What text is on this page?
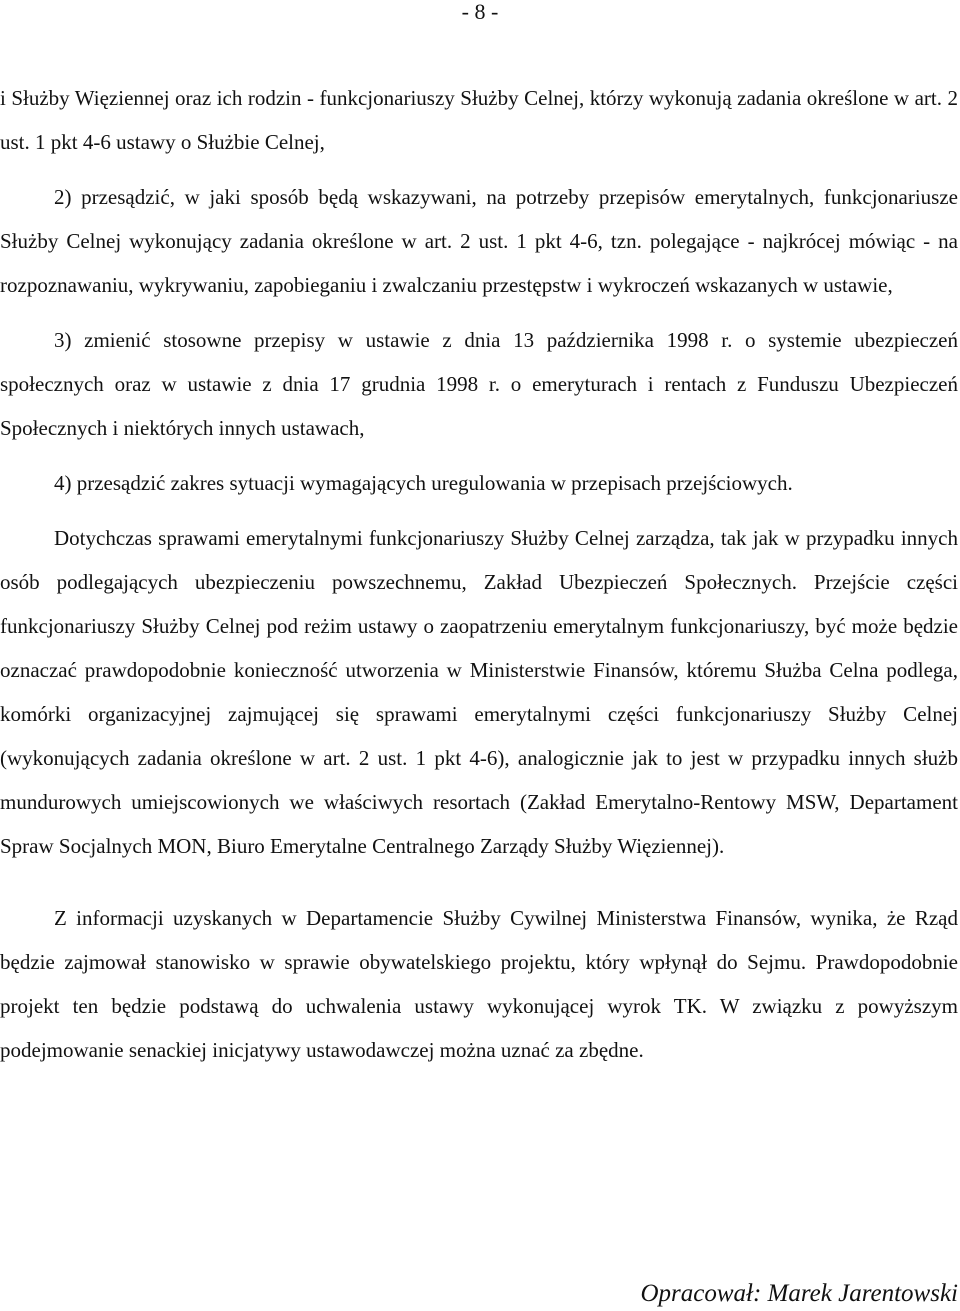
- 8 -

i Służby Więziennej oraz ich rodzin - funkcjonariuszy Służby Celnej, którzy wykonują zadania określone w art. 2 ust. 1 pkt 4-6 ustawy o Służbie Celnej,

2) przesądzić, w jaki sposób będą wskazywani, na potrzeby przepisów emerytalnych, funkcjonariusze Służby Celnej wykonujący zadania określone w art. 2 ust. 1 pkt 4-6, tzn. polegające - najkrócej mówiąc - na rozpoznawaniu, wykrywaniu, zapobieganiu i zwalczaniu przestępstw i wykroczeń wskazanych w ustawie,

3) zmienić stosowne przepisy w ustawie z dnia 13 października 1998 r. o systemie ubezpieczeń społecznych oraz w ustawie z dnia 17 grudnia 1998 r. o emeryturach i rentach z Funduszu Ubezpieczeń Społecznych i niektórych innych ustawach,

4) przesądzić zakres sytuacji wymagających uregulowania w przepisach przejściowych.

Dotychczas sprawami emerytalnymi funkcjonariuszy Służby Celnej zarządza, tak jak w przypadku innych osób podlegających ubezpieczeniu powszechnemu, Zakład Ubezpieczeń Społecznych. Przejście części funkcjonariuszy Służby Celnej pod reżim ustawy o zaopatrzeniu emerytalnym funkcjonariuszy, być może będzie oznaczać prawdopodobnie konieczność utworzenia w Ministerstwie Finansów, któremu Służba Celna podlega, komórki organizacyjnej zajmującej się sprawami emerytalnymi części funkcjonariuszy Służby Celnej (wykonujących zadania określone w art. 2 ust. 1 pkt 4-6), analogicznie jak to jest w przypadku innych służb mundurowych umiejscowionych we właściwych resortach (Zakład Emerytalno-Rentowy MSW, Departament Spraw Socjalnych MON, Biuro Emerytalne Centralnego Zarządy Służby Więziennej).

Z informacji uzyskanych w Departamencie Służby Cywilnej Ministerstwa Finansów, wynika, że Rząd będzie zajmował stanowisko w sprawie obywatelskiego projektu, który wpłynął do Sejmu. Prawdopodobnie projekt ten będzie podstawą do uchwalenia ustawy wykonującej wyrok TK. W związku z powyższym podejmowanie senackiej inicjatywy ustawodawczej można uznać za zbędne.

Opracował: Marek Jarentowski
